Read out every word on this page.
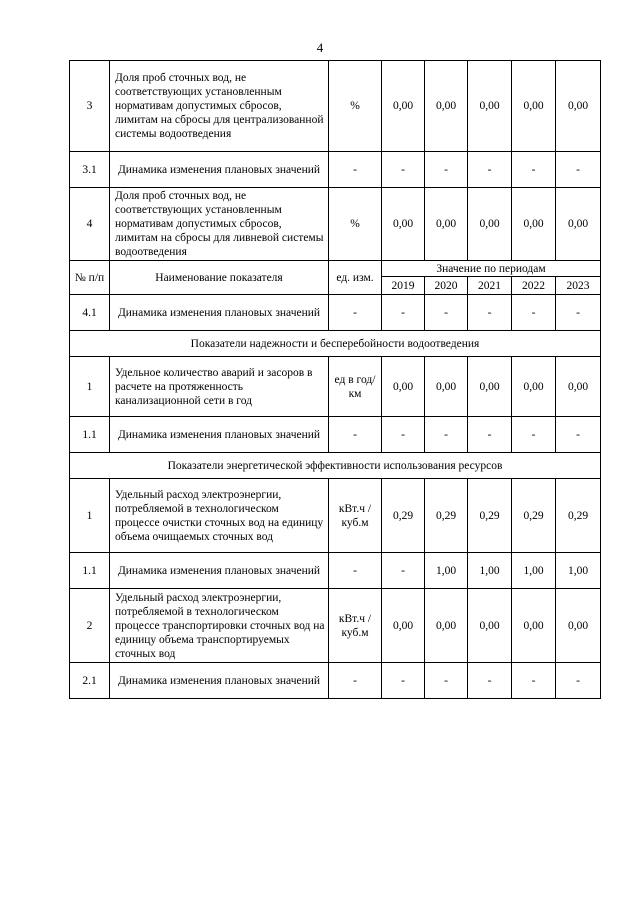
4
3	Доля проб сточных вод, не соответствующих установленным нормативам допустимых сбросов, лимитам на сбросы для централизованной системы водоотведения	%	0,00	0,00	0,00	0,00	0,00
3.1	Динамика изменения плановых значений	-	-	-	-	-	-
4	Доля проб сточных вод, не соответствующих установленным нормативам допустимых сбросов, лимитам на сбросы для ливневой системы водоотведения	%	0,00	0,00	0,00	0,00	0,00
№ п/п	Наименование показателя	ед. изм.	Значение по периодам				
			2019	2020	2021	2022	2023
4.1	Динамика изменения плановых значений	-	-	-	-	-	-
Показатели надежности и бесперебойности водоотведения							
1	Удельное количество аварий и засоров в расчете на протяженность канализационной сети в год	ед в год/ км	0,00	0,00	0,00	0,00	0,00
1.1	Динамика изменения плановых значений	-	-	-	-	-	-
Показатели энергетической эффективности использования ресурсов							
1	Удельный расход электроэнергии, потребляемой в технологическом процессе очистки сточных вод на единицу объема очищаемых сточных вод	кВт.ч / куб.м	0,29	0,29	0,29	0,29	0,29
1.1	Динамика изменения плановых значений	-	-	1,00	1,00	1,00	1,00
2	Удельный расход электроэнергии, потребляемой в технологическом процессе транспортировки сточных вод на единицу объема транспортируемых сточных вод	кВт.ч / куб.м	0,00	0,00	0,00	0,00	0,00
2.1	Динамика изменения плановых значений	-	-	-	-	-	-
